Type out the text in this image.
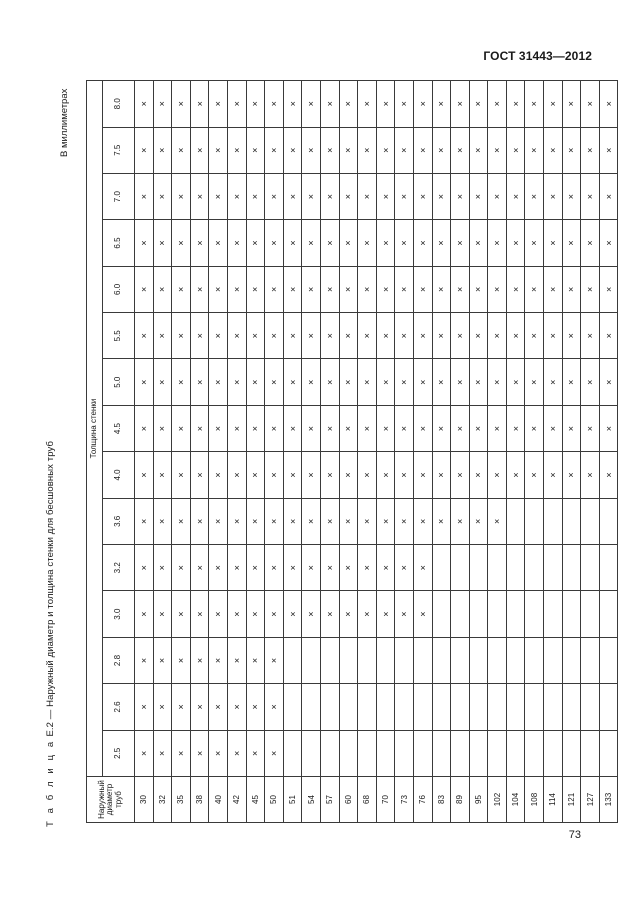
ГОСТ 31443—2012
Т а б л и ц а Е.2 — Наружный диаметр и толщина стенки для бесшовных труб
В миллиметрах
Наружный диаметр труб	Толщина стенки														
	2.5	2.6	2.8	3.0	3.2	3.6	4.0	4.5	5.0	5.5	6.0	6.5	7.0	7.5	8.0
30	×	×	×	×	×	×	×	×	×	×	×	×	×	×	×
32	×	×	×	×	×	×	×	×	×	×	×	×	×	×	×
35	×	×	×	×	×	×	×	×	×	×	×	×	×	×	×
38	×	×	×	×	×	×	×	×	×	×	×	×	×	×	×
40	×	×	×	×	×	×	×	×	×	×	×	×	×	×	×
42	×	×	×	×	×	×	×	×	×	×	×	×	×	×	×
45	×	×	×	×	×	×	×	×	×	×	×	×	×	×	×
50	×	×	×	×	×	×	×	×	×	×	×	×	×	×	×
51				×	×	×	×	×	×	×	×	×	×	×	×
54				×	×	×	×	×	×	×	×	×	×	×	×
57				×	×	×	×	×	×	×	×	×	×	×	×
60				×	×	×	×	×	×	×	×	×	×	×	×
68				×	×	×	×	×	×	×	×	×	×	×	×
70				×	×	×	×	×	×	×	×	×	×	×	×
73				×	×	×	×	×	×	×	×	×	×	×	×
76				×	×	×	×	×	×	×	×	×	×	×	×
83						×	×	×	×	×	×	×	×	×	×
89						×	×	×	×	×	×	×	×	×	×
95						×	×	×	×	×	×	×	×	×	×
102						×	×	×	×	×	×	×	×	×	×
104							×	×	×	×	×	×	×	×	×
108							×	×	×	×	×	×	×	×	×
114							×	×	×	×	×	×	×	×	×
121							×	×	×	×	×	×	×	×	×
127							×	×	×	×	×	×	×	×	×
133							×	×	×	×	×	×	×	×	×
73
